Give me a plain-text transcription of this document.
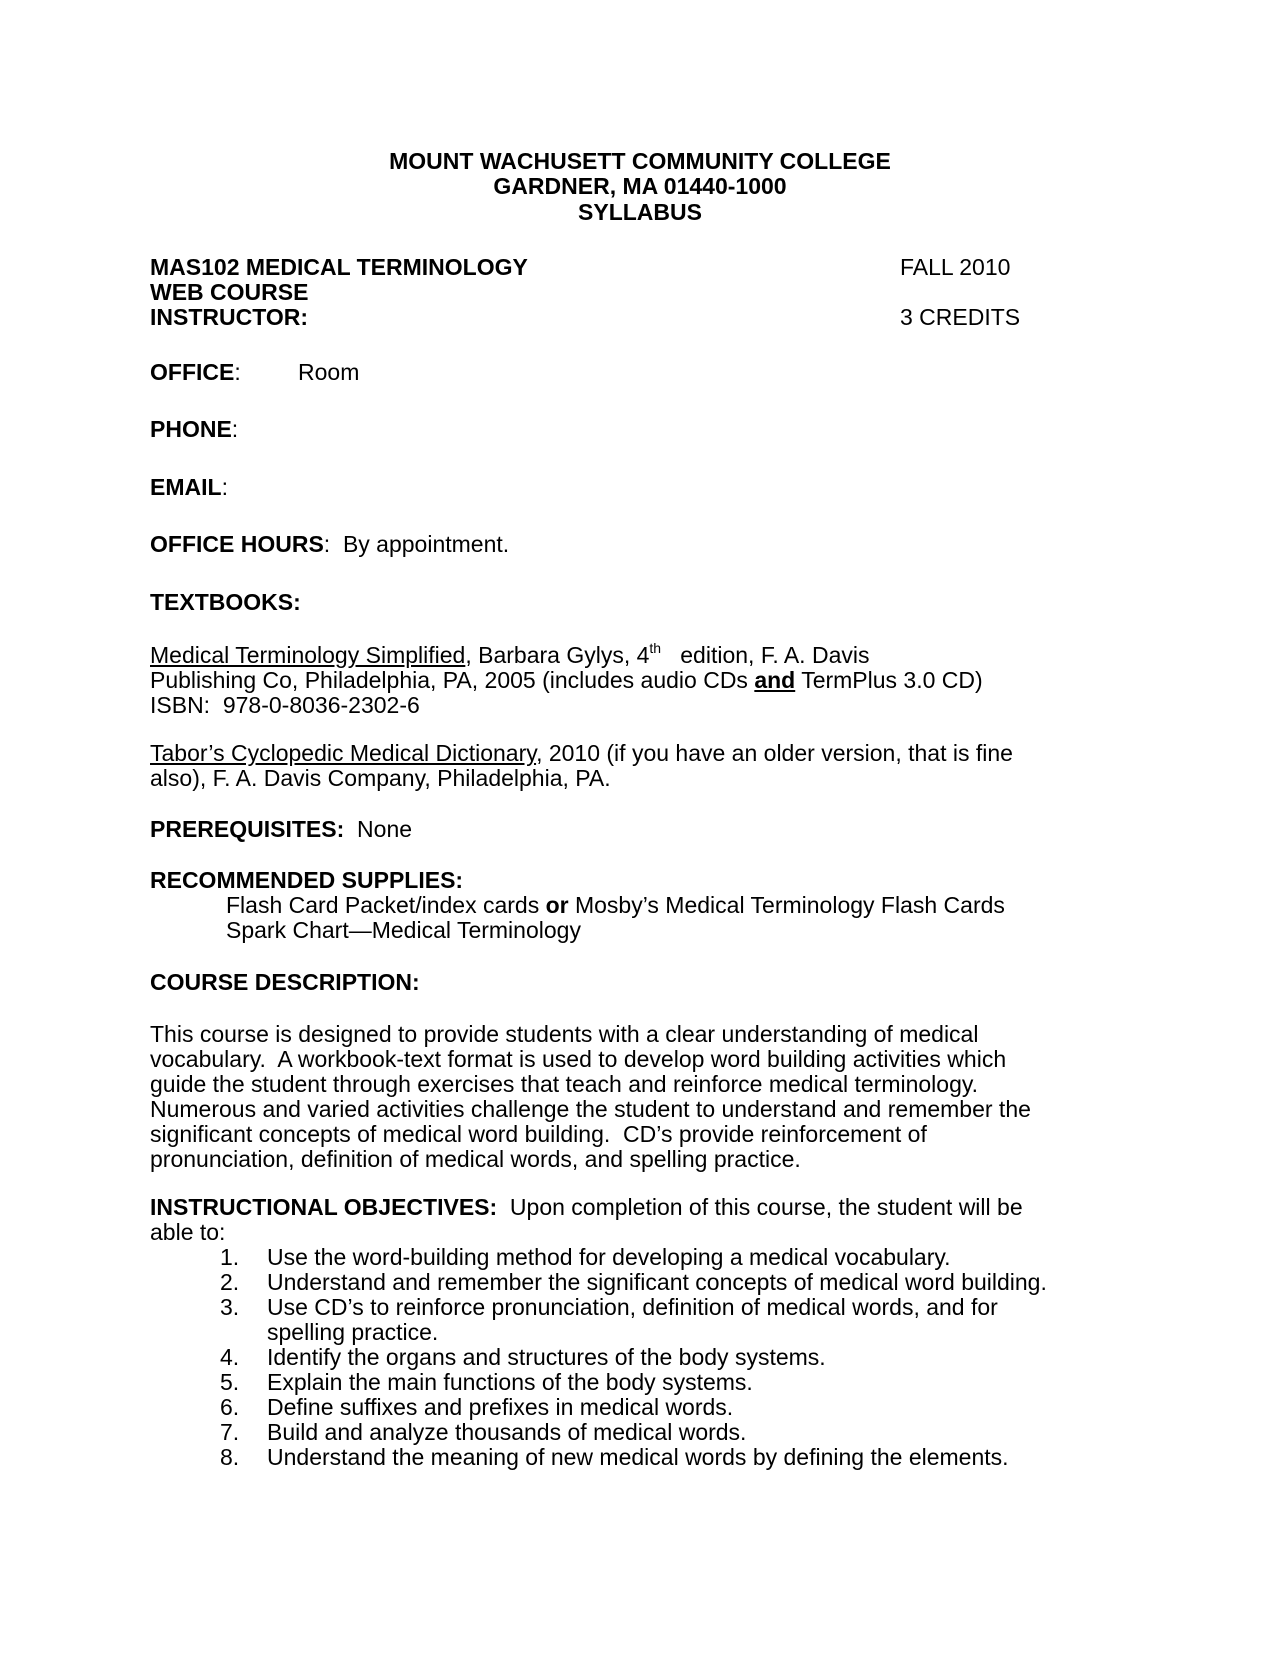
MOUNT WACHUSETT COMMUNITY COLLEGE
GARDNER, MA 01440-1000
SYLLABUS
MAS102 MEDICAL TERMINOLOGY	FALL 2010
WEB COURSE
INSTRUCTOR:	3 CREDITS
OFFICE: Room
PHONE:
EMAIL:
OFFICE HOURS: By appointment.
TEXTBOOKS:
Medical Terminology Simplified, Barbara Gylys, 4th   edition, F. A. Davis
Publishing Co, Philadelphia, PA, 2005 (includes audio CDs and TermPlus 3.0 CD)
ISBN:  978-0-8036-2302-6
Tabor’s Cyclopedic Medical Dictionary, 2010 (if you have an older version, that is fine
also), F. A. Davis Company, Philadelphia, PA.
PREREQUISITES: None
RECOMMENDED SUPPLIES:
Flash Card Packet/index cards or Mosby’s Medical Terminology Flash Cards
Spark Chart—Medical Terminology
COURSE DESCRIPTION:
This course is designed to provide students with a clear understanding of medical
vocabulary.  A workbook-text format is used to develop word building activities which
guide the student through exercises that teach and reinforce medical terminology.
Numerous and varied activities challenge the student to understand and remember the
significant concepts of medical word building.  CD’s provide reinforcement of
pronunciation, definition of medical words, and spelling practice.
INSTRUCTIONAL OBJECTIVES:  Upon completion of this course, the student will be
able to:
1. Use the word-building method for developing a medical vocabulary.
2. Understand and remember the significant concepts of medical word building.
3. Use CD’s to reinforce pronunciation, definition of medical words, and for
spelling practice.
4. Identify the organs and structures of the body systems.
5. Explain the main functions of the body systems.
6. Define suffixes and prefixes in medical words.
7. Build and analyze thousands of medical words.
8. Understand the meaning of new medical words by defining the elements.
